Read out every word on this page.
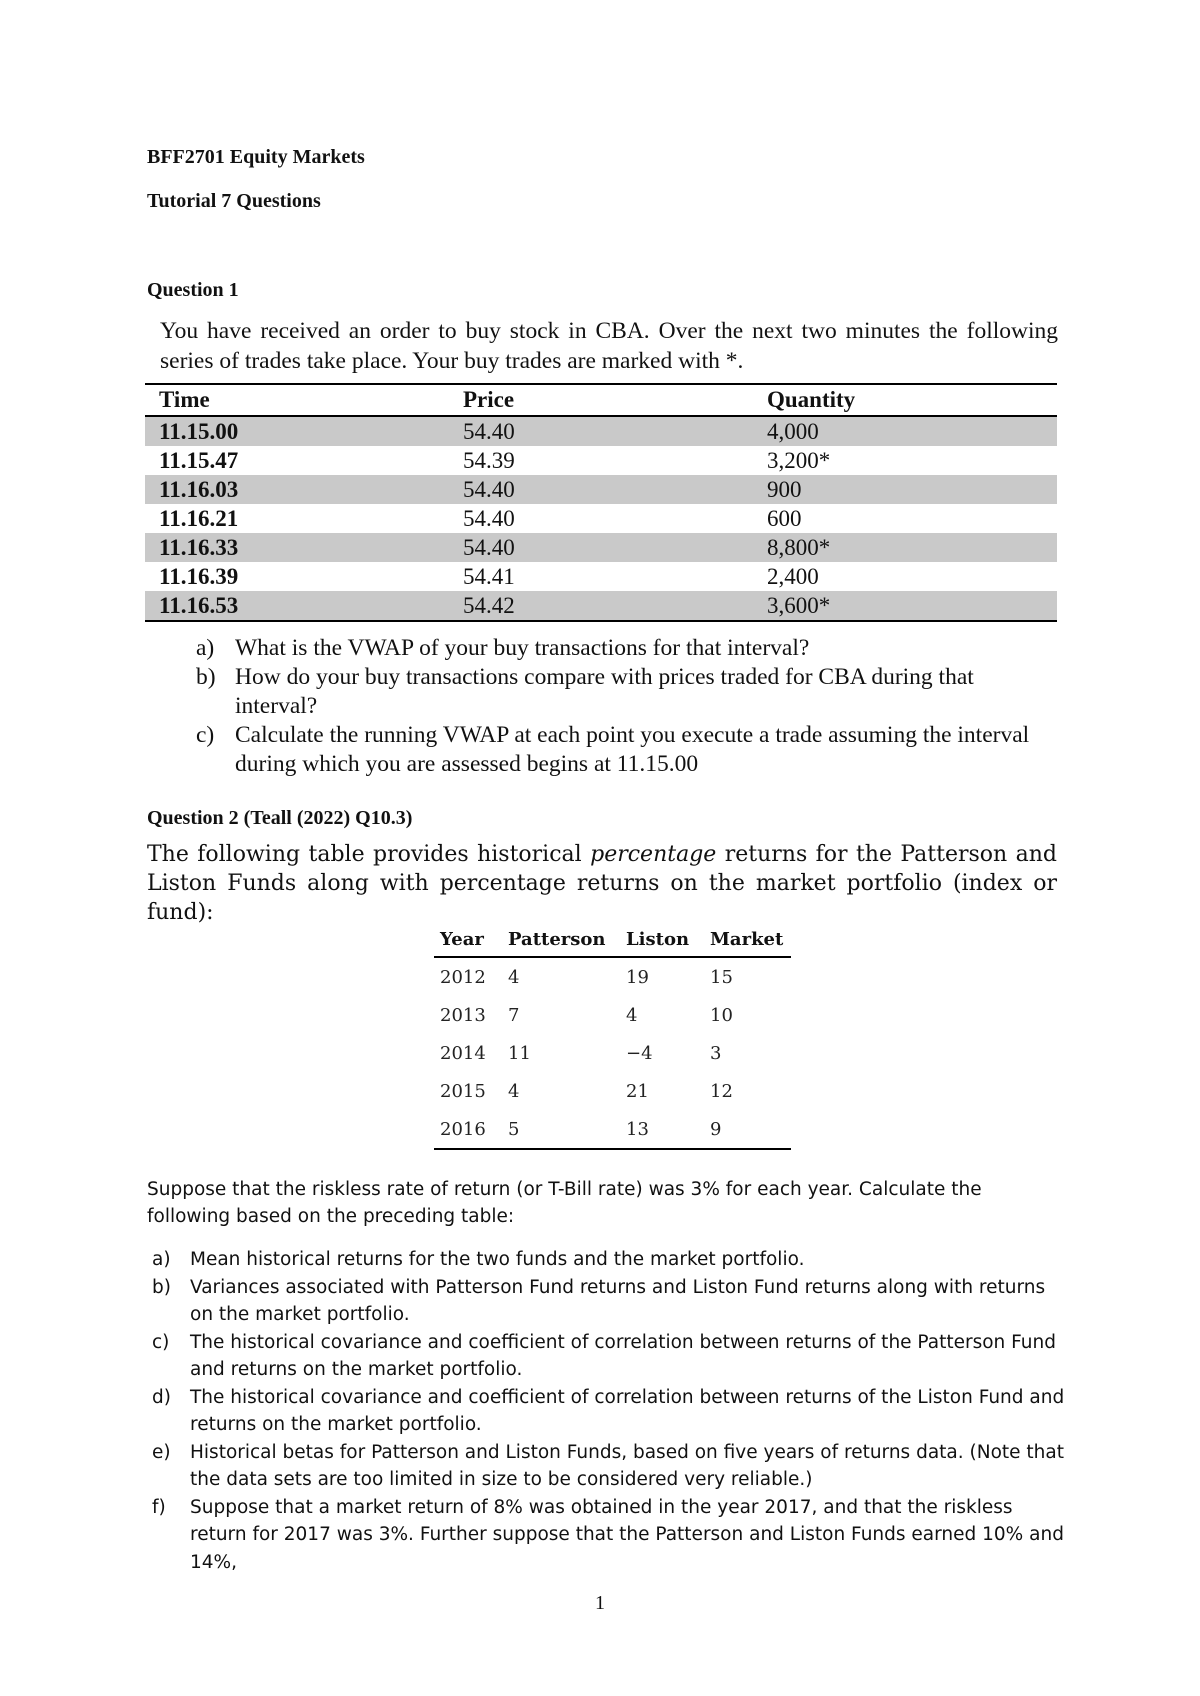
BFF2701 Equity Markets
Tutorial 7 Questions
Question 1
You have received an order to buy stock in CBA. Over the next two minutes the following series of trades take place. Your buy trades are marked with *.
Time	Price	Quantity
11.15.00	54.40	4,000
11.15.47	54.39	3,200*
11.16.03	54.40	900
11.16.21	54.40	600
11.16.33	54.40	8,800*
11.16.39	54.41	2,400
11.16.53	54.42	3,600*
a) What is the VWAP of your buy transactions for that interval?
b) How do your buy transactions compare with prices traded for CBA during that interval?
c) Calculate the running VWAP at each point you execute a trade assuming the interval during which you are assessed begins at 11.15.00
Question 2 (Teall (2022) Q10.3)
The following table provides historical percentage returns for the Patterson and Liston Funds along with percentage returns on the market portfolio (index or fund):
Year	Patterson	Liston	Market
2012	4	19	15
2013	7	4	10
2014	11	−4	3
2015	4	21	12
2016	5	13	9
Suppose that the riskless rate of return (or T-Bill rate) was 3% for each year. Calculate the following based on the preceding table:
a) Mean historical returns for the two funds and the market portfolio.
b) Variances associated with Patterson Fund returns and Liston Fund returns along with returns on the market portfolio.
c) The historical covariance and coefficient of correlation between returns of the Patterson Fund and returns on the market portfolio.
d) The historical covariance and coefficient of correlation between returns of the Liston Fund and returns on the market portfolio.
e) Historical betas for Patterson and Liston Funds, based on five years of returns data. (Note that the data sets are too limited in size to be considered very reliable.)
f) Suppose that a market return of 8% was obtained in the year 2017, and that the riskless return for 2017 was 3%. Further suppose that the Patterson and Liston Funds earned 10% and 14%,
1
